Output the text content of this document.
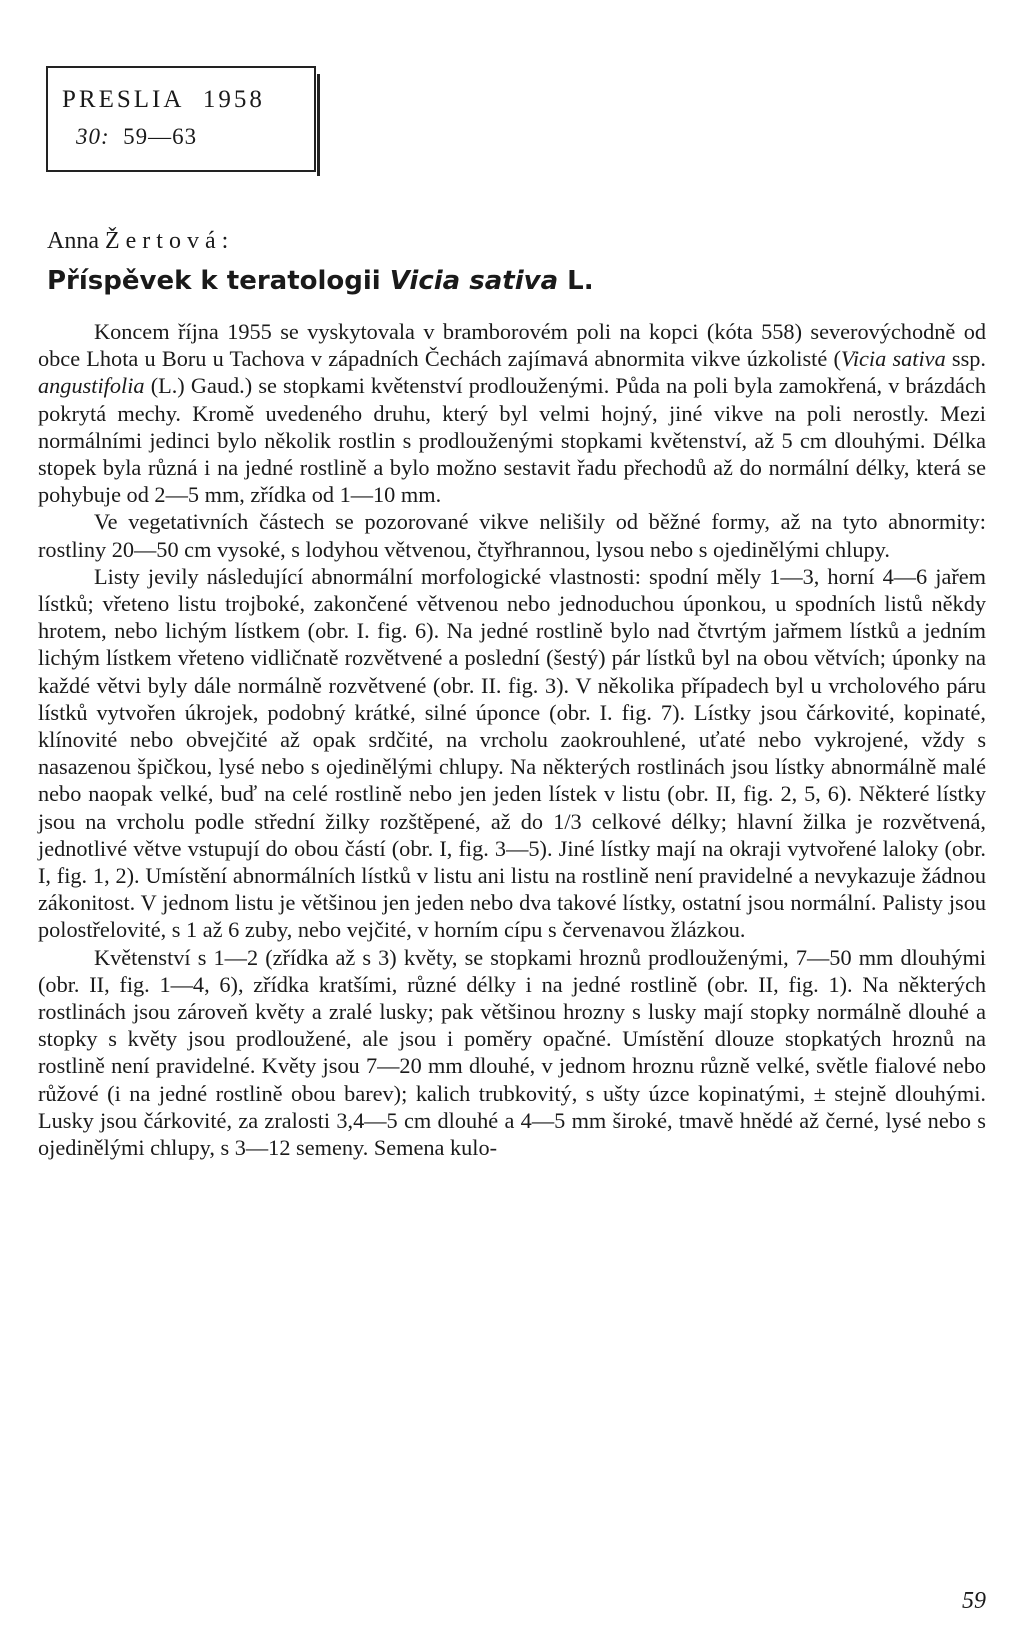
PRESLIA 1958
30: 59—63
Anna Žertová:
Příspěvek k teratologii Vicia sativa L.

Koncem října 1955 se vyskytovala v bramborovém poli na kopci (kóta 558) severovýchodně od obce Lhota u Boru u Tachova v západních Čechách zajímavá abnormita vikve úzkolisté (Vicia sativa ssp. angustifolia (L.) Gaud.) se stopkami květenství prodlouženými. Půda na poli byla zamokřená, v brázdách pokrytá mechy. Kromě uvedeného druhu, který byl velmi hojný, jiné vikve na poli nerostly. Mezi normálními jedinci bylo několik rostlin s prodlouženými stopkami květenství, až 5 cm dlouhými. Délka stopek byla různá i na jedné rostlině a bylo možno sestavit řadu přechodů až do normální délky, která se pohybuje od 2—5 mm, zřídka od 1—10 mm.

Ve vegetativních částech se pozorované vikve nelišily od běžné formy, až na tyto abnormity: rostliny 20—50 cm vysoké, s lodyhou větvenou, čtyřhrannou, lysou nebo s ojedinělými chlupy.

Listy jevily následující abnormální morfologické vlastnosti: spodní měly 1—3, horní 4—6 jařem lístků; vřeteno listu trojboké, zakončené větvenou nebo jednoduchou úponkou, u spodních listů někdy hrotem, nebo lichým lístkem (obr. I. fig. 6). Na jedné rostlině bylo nad čtvrtým jařmem lístků a jedním lichým lístkem vřeteno vidličnatě rozvětvené a poslední (šestý) pár lístků byl na obou větvích; úponky na každé větvi byly dále normálně rozvětvené (obr. II. fig. 3). V několika případech byl u vrcholového páru lístků vytvořen úkrojek, podobný krátké, silné úponce (obr. I. fig. 7). Lístky jsou čárkovité, kopinaté, klínovité nebo obvejčité až opak srdčité, na vrcholu zaokrouhlené, uťaté nebo vykrojené, vždy s nasazenou špičkou, lysé nebo s ojedinělými chlupy. Na některých rostlinách jsou lístky abnormálně malé nebo naopak velké, buď na celé rostlině nebo jen jeden lístek v listu (obr. II, fig. 2, 5, 6). Některé lístky jsou na vrcholu podle střední žilky rozštěpené, až do 1/3 celkové délky; hlavní žilka je rozvětvená, jednotlivé větve vstupují do obou částí (obr. I, fig. 3—5). Jiné lístky mají na okraji vytvořené laloky (obr. I, fig. 1, 2). Umístění abnormálních lístků v listu ani listu na rostlině není pravidelné a nevykazuje žádnou zákonitost. V jednom listu je většinou jen jeden nebo dva takové lístky, ostatní jsou normální. Palisty jsou polostřelovité, s 1 až 6 zuby, nebo vejčité, v horním cípu s červenavou žlázkou.

Květenství s 1—2 (zřídka až s 3) květy, se stopkami hroznů prodlouženými, 7—50 mm dlouhými (obr. II, fig. 1—4, 6), zřídka kratšími, různé délky i na jedné rostlině (obr. II, fig. 1). Na některých rostlinách jsou zároveň květy a zralé lusky; pak většinou hrozny s lusky mají stopky normálně dlouhé a stopky s květy jsou prodloužené, ale jsou i poměry opačné. Umístění dlouze stopkatých hroznů na rostlině není pravidelné. Květy jsou 7—20 mm dlouhé, v jednom hroznu různě velké, světle fialové nebo růžové (i na jedné rostlině obou barev); kalich trubkovitý, s ušty úzce kopinatými, ± stejně dlouhými. Lusky jsou čárkovité, za zralosti 3,4—5 cm dlouhé a 4—5 mm široké, tmavě hnědé až černé, lysé nebo s ojedinělými chlupy, s 3—12 semeny. Semena kulo-

59
